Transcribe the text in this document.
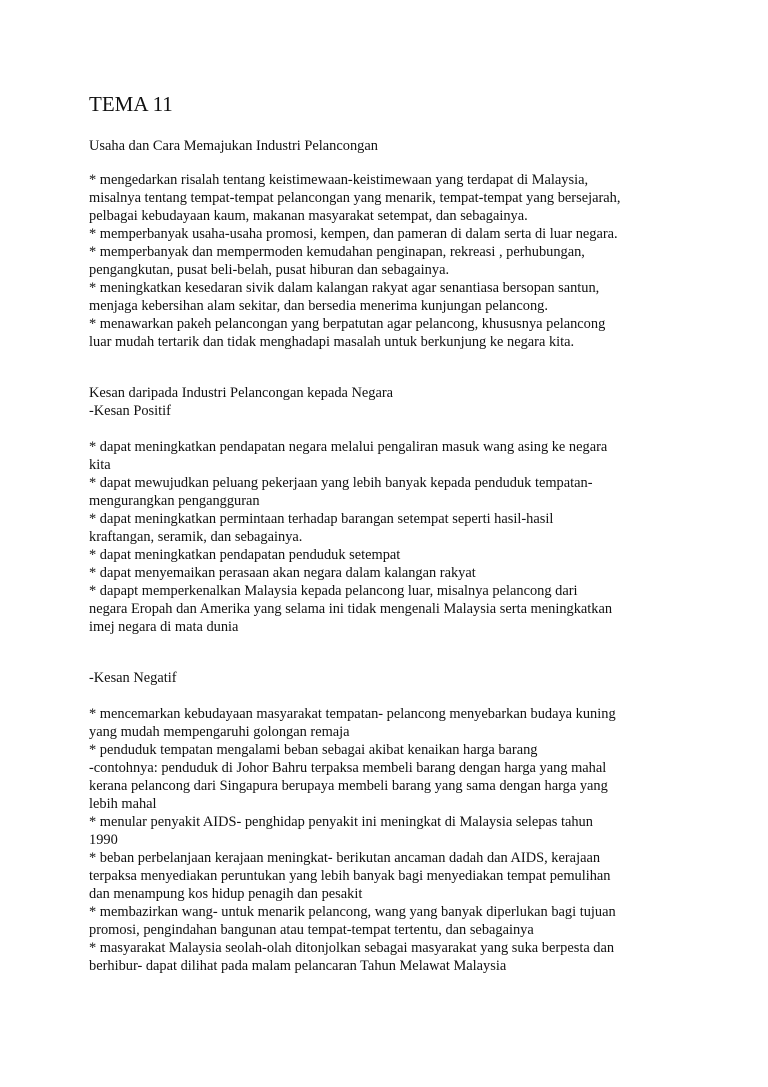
TEMA 11

Usaha dan Cara Memajukan Industri Pelancongan

* mengedarkan risalah tentang keistimewaan-keistimewaan yang terdapat di Malaysia,

misalnya tentang tempat-tempat pelancongan yang menarik, tempat-tempat yang bersejarah,

pelbagai kebudayaan kaum, makanan masyarakat setempat, dan sebagainya.

* memperbanyak usaha-usaha promosi, kempen, dan pameran di dalam serta di luar negara.

* memperbanyak dan mempermoden kemudahan penginapan, rekreasi , perhubungan,

pengangkutan, pusat beli-belah, pusat hiburan dan sebagainya.

* meningkatkan kesedaran sivik dalam kalangan rakyat agar senantiasa bersopan santun,

menjaga kebersihan alam sekitar, dan bersedia menerima kunjungan pelancong.

* menawarkan pakeh pelancongan yang berpatutan agar pelancong, khususnya pelancong

luar mudah tertarik dan tidak menghadapi masalah untuk berkunjung ke negara kita.

Kesan daripada Industri Pelancongan kepada Negara

-Kesan Positif

* dapat meningkatkan pendapatan negara melalui pengaliran masuk wang asing ke negara

kita

* dapat mewujudkan peluang pekerjaan yang lebih banyak kepada penduduk tempatan-

mengurangkan pengangguran

* dapat meningkatkan permintaan terhadap barangan setempat seperti hasil-hasil

kraftangan, seramik, dan sebagainya.

* dapat meningkatkan pendapatan penduduk setempat

* dapat menyemaikan perasaan akan negara dalam kalangan rakyat

* dapapt memperkenalkan Malaysia kepada pelancong luar, misalnya pelancong dari

negara Eropah dan Amerika yang selama ini tidak mengenali Malaysia serta meningkatkan

imej negara di mata dunia

-Kesan Negatif

* mencemarkan kebudayaan masyarakat tempatan- pelancong menyebarkan budaya kuning

yang mudah mempengaruhi golongan remaja

* penduduk tempatan mengalami beban sebagai akibat kenaikan harga barang

-contohnya: penduduk di Johor Bahru terpaksa membeli barang dengan harga yang mahal

kerana pelancong dari Singapura berupaya membeli barang yang sama dengan harga yang

lebih mahal

* menular penyakit AIDS- penghidap penyakit ini meningkat di Malaysia selepas tahun

1990

* beban perbelanjaan kerajaan meningkat- berikutan ancaman dadah dan AIDS, kerajaan

terpaksa menyediakan peruntukan yang lebih banyak bagi menyediakan tempat pemulihan

dan menampung kos hidup penagih dan pesakit

* membazirkan wang- untuk menarik pelancong, wang yang banyak diperlukan bagi tujuan

promosi, pengindahan bangunan atau tempat-tempat tertentu, dan sebagainya

* masyarakat Malaysia seolah-olah ditonjolkan sebagai masyarakat yang suka berpesta dan

berhibur- dapat dilihat pada malam pelancaran Tahun Melawat Malaysia
